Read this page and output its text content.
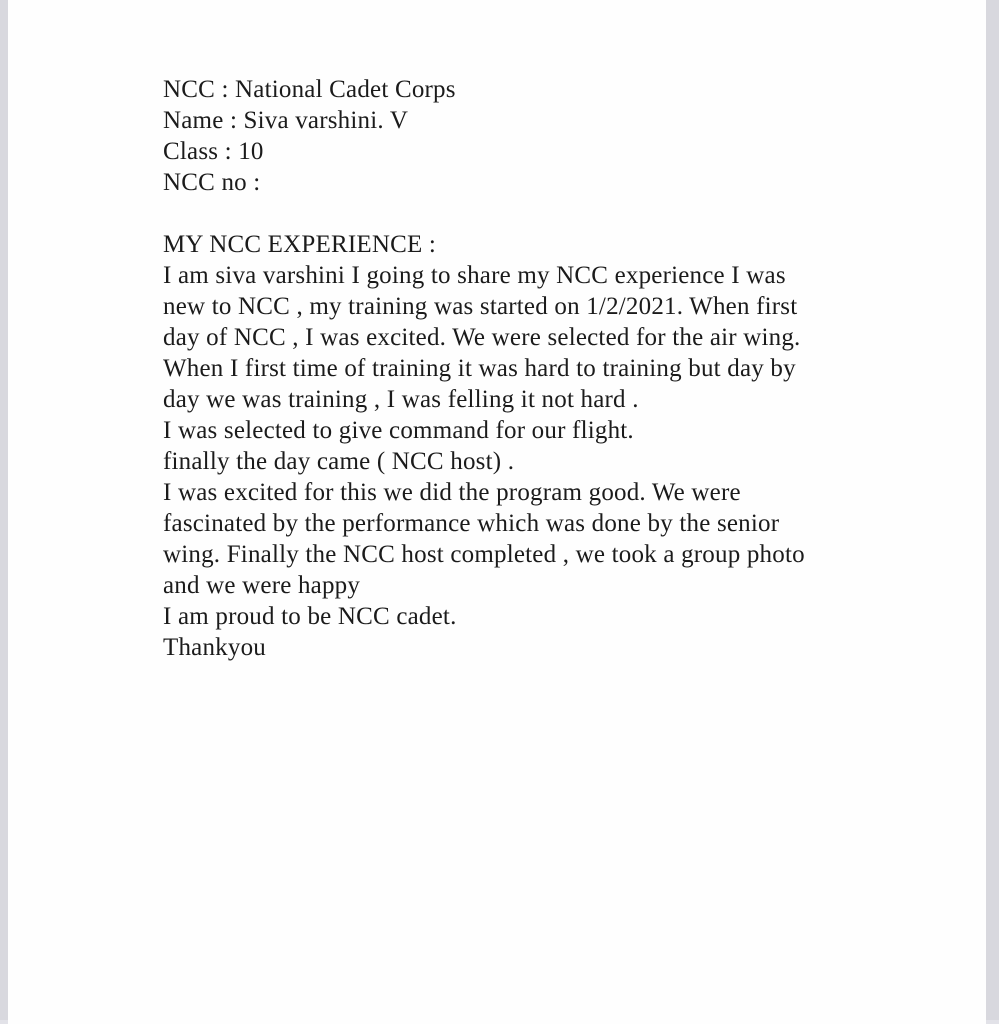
NCC : National Cadet Corps
Name : Siva varshini. V
Class : 10
NCC no :
MY NCC EXPERIENCE :
I am siva varshini I going to share my NCC experience I was
new to NCC , my training was started on 1/2/2021. When first
day of NCC , I was excited. We were selected for the air wing.
When I first time of training it was hard to training but day by
day we was training , I was felling it not hard .
I was selected to give command for our flight.
finally the day came ( NCC host) .
I was excited for this we did the program good. We were
fascinated by the performance which was done by the senior
wing. Finally the NCC host completed , we took a group photo
and we were happy
I am proud to be NCC cadet.
Thankyou
